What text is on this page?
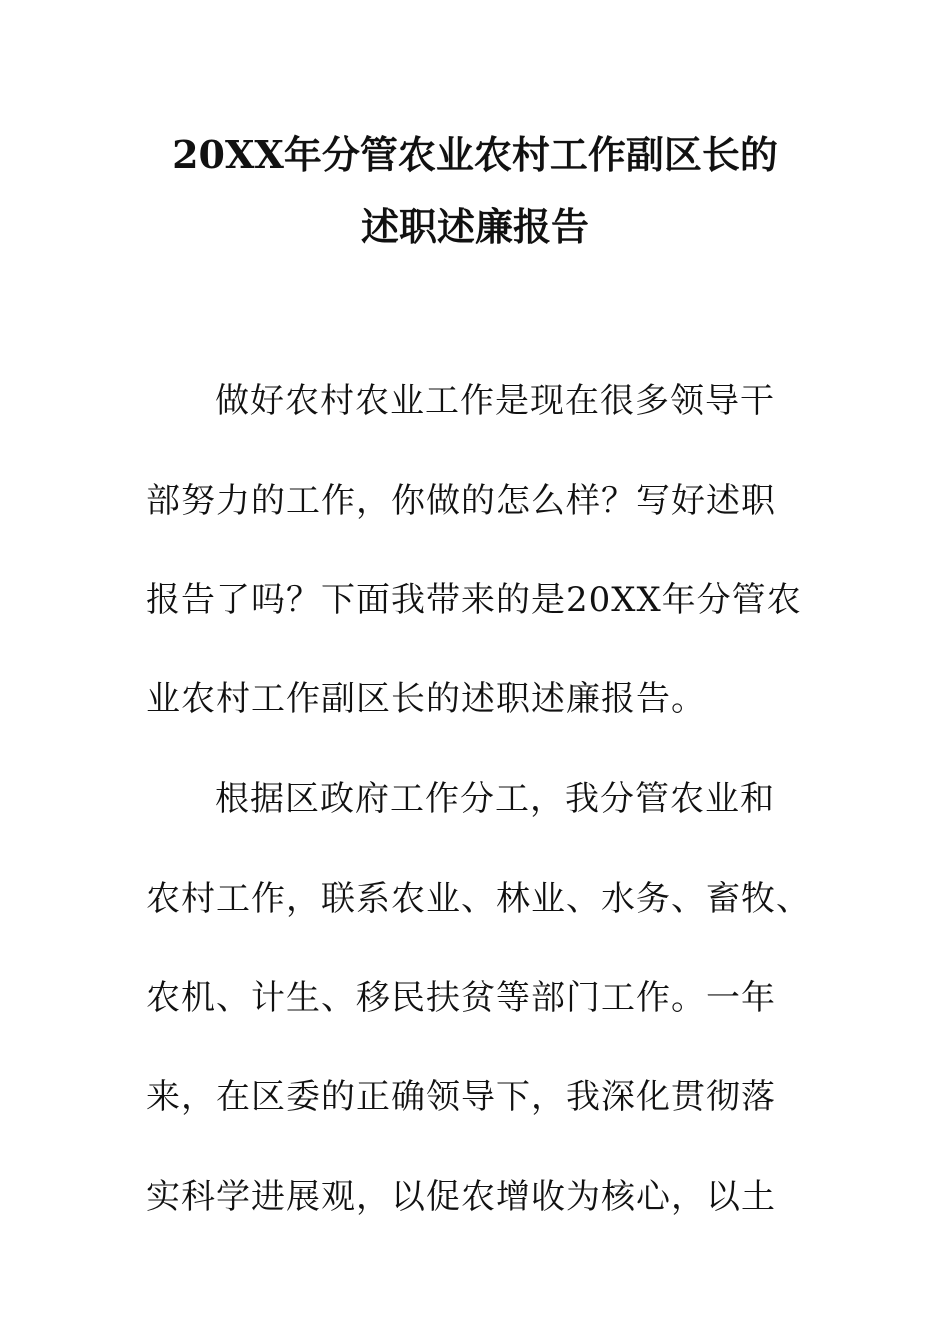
20XX年分管农业农村工作副区长的
述职述廉报告
做好农村农业工作是现在很多领导干
部努力的工作，你做的怎么样？写好述职
报告了吗？下面我带来的是20XX年分管农
业农村工作副区长的述职述廉报告。
根据区政府工作分工，我分管农业和
农村工作，联系农业、林业、水务、畜牧、
农机、计生、移民扶贫等部门工作。一年
来，在区委的正确领导下，我深化贯彻落
实科学进展观，以促农增收为核心，以土
